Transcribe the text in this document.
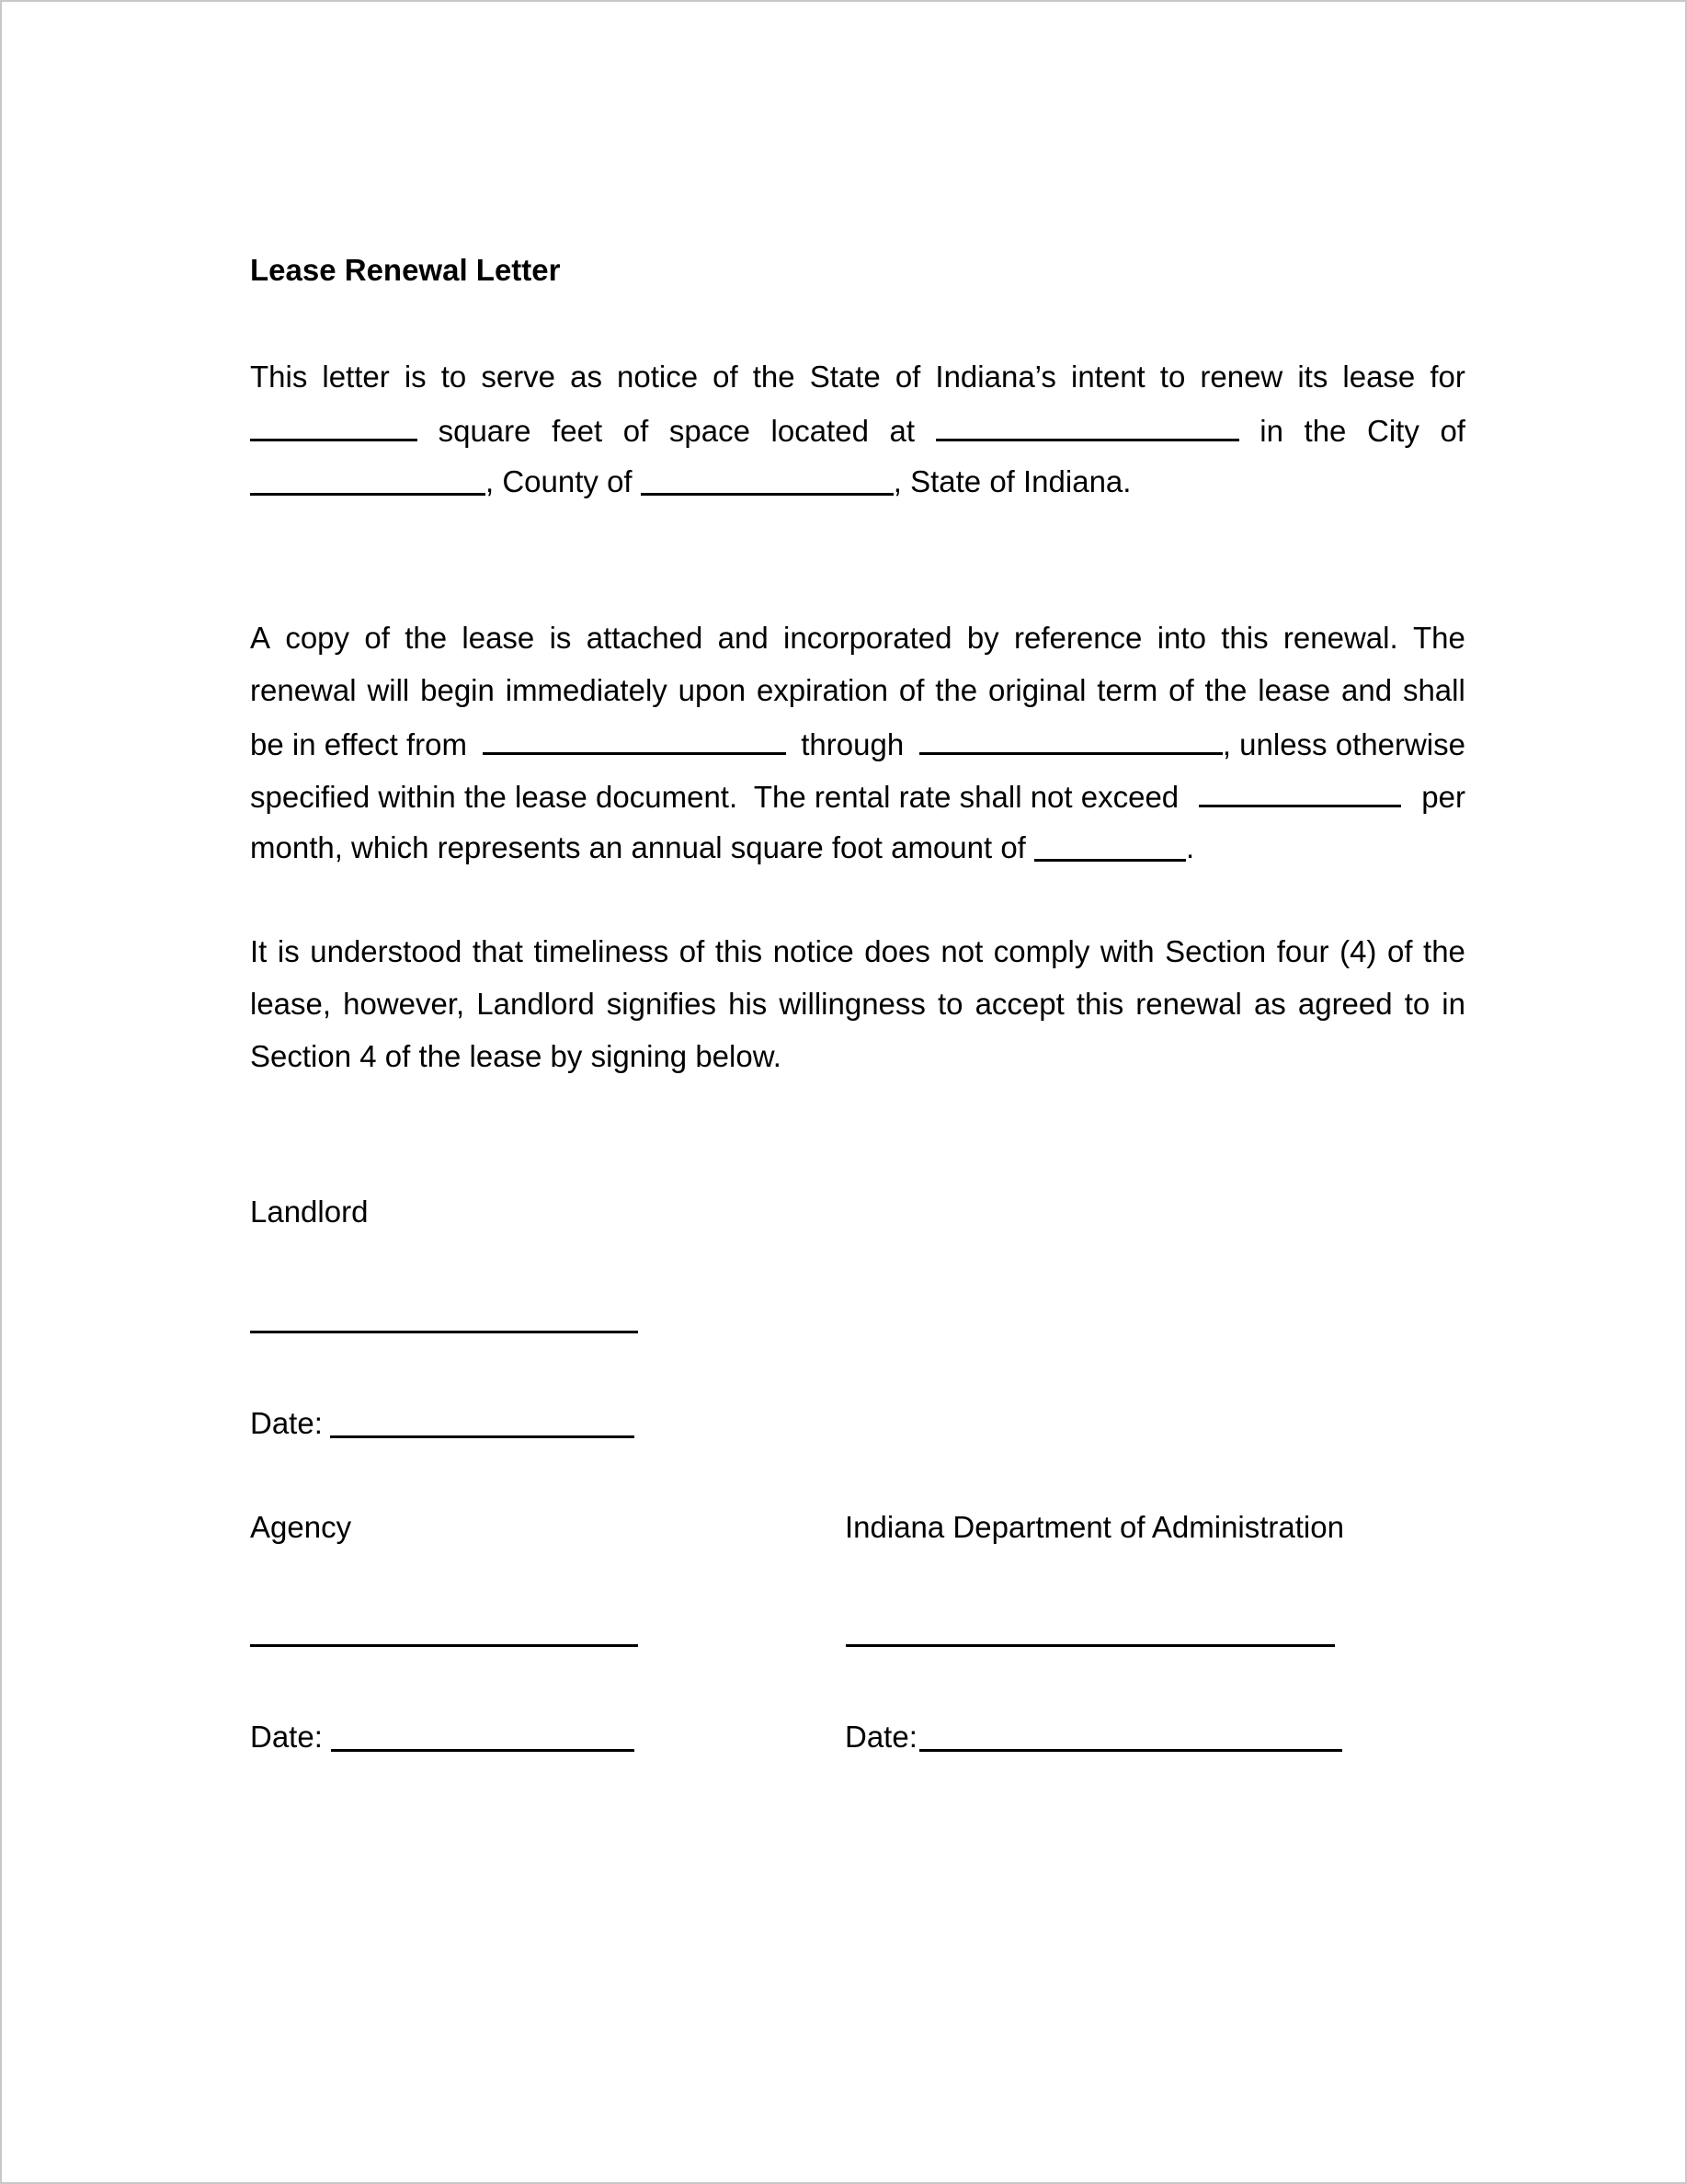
Lease Renewal Letter
This letter is to serve as notice of the State of Indiana’s intent to renew its lease for
square feet of space located at	in the City of
, County of	, State of Indiana.
A copy of the lease is attached and incorporated by reference into this renewal. The
renewal will begin immediately upon expiration of the original term of the lease and shall
be in effect from	through	, unless otherwise
specified within the lease document.  The rental rate shall not exceed	per
month, which represents an annual square foot amount of	.
It is understood that timeliness of this notice does not comply with Section four (4) of the
lease, however, Landlord signifies his willingness to accept this renewal as agreed to in
Section 4 of the lease by signing below.
Landlord
Date:
Agency
Date:
Indiana Department of Administration
Date:
